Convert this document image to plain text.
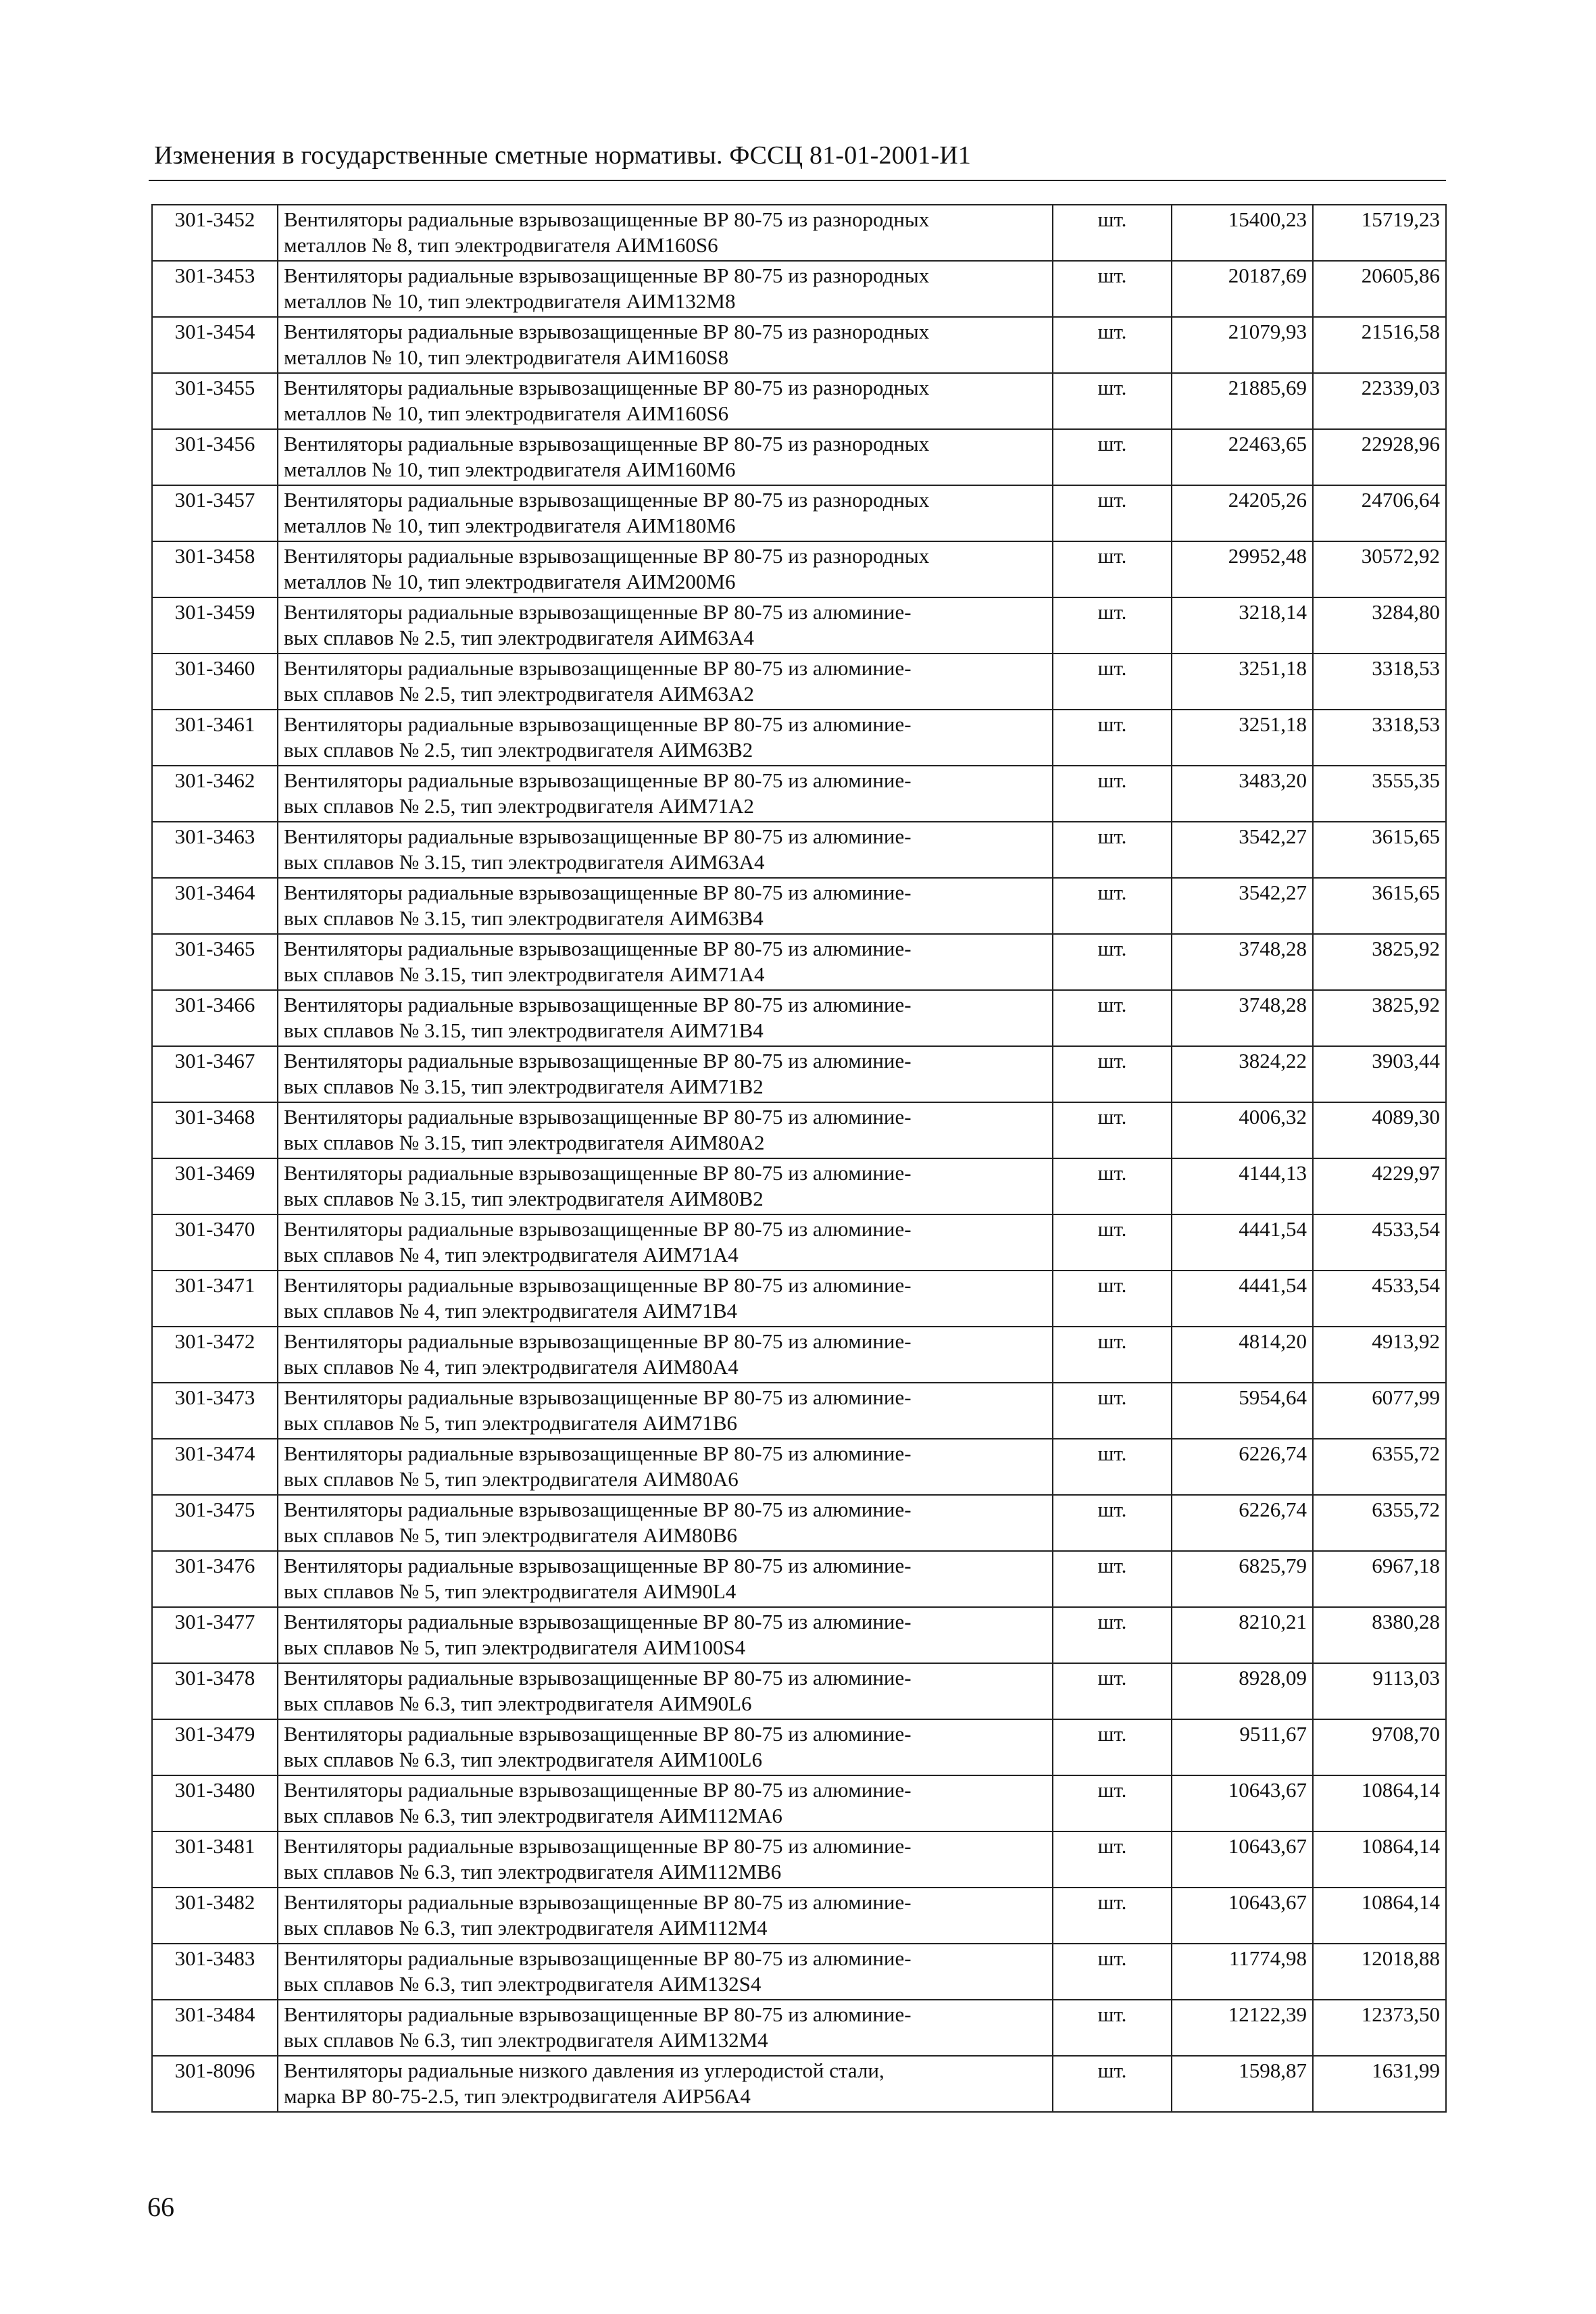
Изменения в государственные сметные нормативы. ФССЦ 81-01-2001-И1
301-3452	Вентиляторы радиальные взрывозащищенные ВР 80-75 из разнородных
металлов № 8, тип электродвигателя АИМ160S6	шт.	15400,23	15719,23
301-3453	Вентиляторы радиальные взрывозащищенные ВР 80-75 из разнородных
металлов № 10, тип электродвигателя АИМ132М8	шт.	20187,69	20605,86
301-3454	Вентиляторы радиальные взрывозащищенные ВР 80-75 из разнородных
металлов № 10, тип электродвигателя АИМ160S8	шт.	21079,93	21516,58
301-3455	Вентиляторы радиальные взрывозащищенные ВР 80-75 из разнородных
металлов № 10, тип электродвигателя АИМ160S6	шт.	21885,69	22339,03
301-3456	Вентиляторы радиальные взрывозащищенные ВР 80-75 из разнородных
металлов № 10, тип электродвигателя АИМ160М6	шт.	22463,65	22928,96
301-3457	Вентиляторы радиальные взрывозащищенные ВР 80-75 из разнородных
металлов № 10, тип электродвигателя АИМ180М6	шт.	24205,26	24706,64
301-3458	Вентиляторы радиальные взрывозащищенные ВР 80-75 из разнородных
металлов № 10, тип электродвигателя АИМ200М6	шт.	29952,48	30572,92
301-3459	Вентиляторы радиальные взрывозащищенные ВР 80-75 из алюминие-
вых сплавов № 2.5, тип электродвигателя АИМ63А4	шт.	3218,14	3284,80
301-3460	Вентиляторы радиальные взрывозащищенные ВР 80-75 из алюминие-
вых сплавов № 2.5, тип электродвигателя АИМ63А2	шт.	3251,18	3318,53
301-3461	Вентиляторы радиальные взрывозащищенные ВР 80-75 из алюминие-
вых сплавов № 2.5, тип электродвигателя АИМ63В2	шт.	3251,18	3318,53
301-3462	Вентиляторы радиальные взрывозащищенные ВР 80-75 из алюминие-
вых сплавов № 2.5, тип электродвигателя АИМ71А2	шт.	3483,20	3555,35
301-3463	Вентиляторы радиальные взрывозащищенные ВР 80-75 из алюминие-
вых сплавов № 3.15, тип электродвигателя АИМ63А4	шт.	3542,27	3615,65
301-3464	Вентиляторы радиальные взрывозащищенные ВР 80-75 из алюминие-
вых сплавов № 3.15, тип электродвигателя АИМ63В4	шт.	3542,27	3615,65
301-3465	Вентиляторы радиальные взрывозащищенные ВР 80-75 из алюминие-
вых сплавов № 3.15, тип электродвигателя АИМ71А4	шт.	3748,28	3825,92
301-3466	Вентиляторы радиальные взрывозащищенные ВР 80-75 из алюминие-
вых сплавов № 3.15, тип электродвигателя АИМ71В4	шт.	3748,28	3825,92
301-3467	Вентиляторы радиальные взрывозащищенные ВР 80-75 из алюминие-
вых сплавов № 3.15, тип электродвигателя АИМ71В2	шт.	3824,22	3903,44
301-3468	Вентиляторы радиальные взрывозащищенные ВР 80-75 из алюминие-
вых сплавов № 3.15, тип электродвигателя АИМ80А2	шт.	4006,32	4089,30
301-3469	Вентиляторы радиальные взрывозащищенные ВР 80-75 из алюминие-
вых сплавов № 3.15, тип электродвигателя АИМ80В2	шт.	4144,13	4229,97
301-3470	Вентиляторы радиальные взрывозащищенные ВР 80-75 из алюминие-
вых сплавов № 4, тип электродвигателя АИМ71А4	шт.	4441,54	4533,54
301-3471	Вентиляторы радиальные взрывозащищенные ВР 80-75 из алюминие-
вых сплавов № 4, тип электродвигателя АИМ71В4	шт.	4441,54	4533,54
301-3472	Вентиляторы радиальные взрывозащищенные ВР 80-75 из алюминие-
вых сплавов № 4, тип электродвигателя АИМ80А4	шт.	4814,20	4913,92
301-3473	Вентиляторы радиальные взрывозащищенные ВР 80-75 из алюминие-
вых сплавов № 5, тип электродвигателя АИМ71В6	шт.	5954,64	6077,99
301-3474	Вентиляторы радиальные взрывозащищенные ВР 80-75 из алюминие-
вых сплавов № 5, тип электродвигателя АИМ80А6	шт.	6226,74	6355,72
301-3475	Вентиляторы радиальные взрывозащищенные ВР 80-75 из алюминие-
вых сплавов № 5, тип электродвигателя АИМ80В6	шт.	6226,74	6355,72
301-3476	Вентиляторы радиальные взрывозащищенные ВР 80-75 из алюминие-
вых сплавов № 5, тип электродвигателя АИМ90L4	шт.	6825,79	6967,18
301-3477	Вентиляторы радиальные взрывозащищенные ВР 80-75 из алюминие-
вых сплавов № 5, тип электродвигателя АИМ100S4	шт.	8210,21	8380,28
301-3478	Вентиляторы радиальные взрывозащищенные ВР 80-75 из алюминие-
вых сплавов № 6.3, тип электродвигателя АИМ90L6	шт.	8928,09	9113,03
301-3479	Вентиляторы радиальные взрывозащищенные ВР 80-75 из алюминие-
вых сплавов № 6.3, тип электродвигателя АИМ100L6	шт.	9511,67	9708,70
301-3480	Вентиляторы радиальные взрывозащищенные ВР 80-75 из алюминие-
вых сплавов № 6.3, тип электродвигателя АИМ112МА6	шт.	10643,67	10864,14
301-3481	Вентиляторы радиальные взрывозащищенные ВР 80-75 из алюминие-
вых сплавов № 6.3, тип электродвигателя АИМ112МВ6	шт.	10643,67	10864,14
301-3482	Вентиляторы радиальные взрывозащищенные ВР 80-75 из алюминие-
вых сплавов № 6.3, тип электродвигателя АИМ112М4	шт.	10643,67	10864,14
301-3483	Вентиляторы радиальные взрывозащищенные ВР 80-75 из алюминие-
вых сплавов № 6.3, тип электродвигателя АИМ132S4	шт.	11774,98	12018,88
301-3484	Вентиляторы радиальные взрывозащищенные ВР 80-75 из алюминие-
вых сплавов № 6.3, тип электродвигателя АИМ132М4	шт.	12122,39	12373,50
301-8096	Вентиляторы радиальные низкого давления из углеродистой стали,
марка ВР 80-75-2.5, тип электродвигателя АИР56А4	шт.	1598,87	1631,99
66
